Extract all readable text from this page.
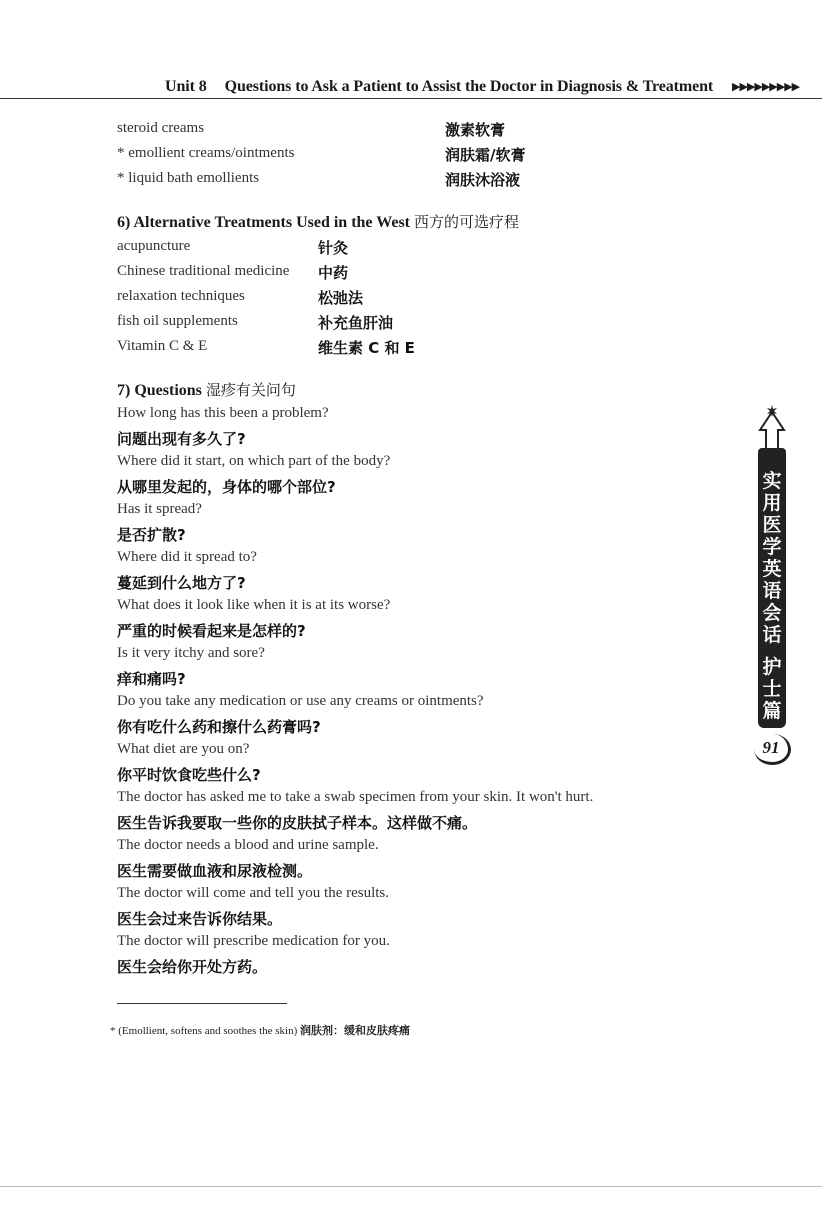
Unit 8 Questions to Ask a Patient to Assist the Doctor in Diagnosis & Treatment ▶▶▶▶▶▶▶▶▶
steroid creams	激素软膏
* emollient creams/ointments	润肤霜/软膏
* liquid bath emollients	润肤沐浴液
6) Alternative Treatments Used in the West 西方的可选疗程
acupuncture	针灸
Chinese traditional medicine 中药
relaxation techniques	松弛法
fish oil supplements	补充鱼肝油
Vitamin C & E	维生素 C 和 E
7) Questions 湿疹有关问句
How long has this been a problem?
问题出现有多久了?
Where did it start, on which part of the body?
从哪里发起的，身体的哪个部位?
Has it spread?
是否扩散?
Where did it spread to?
蔓延到什么地方了?
What does it look like when it is at its worse?
严重的时候看起来是怎样的?
Is it very itchy and sore?
痒和痛吗?
Do you take any medication or use any creams or ointments?
你有吃什么药和擦什么药膏吗?
What diet are you on?
你平时饮食吃些什么?
The doctor has asked me to take a swab specimen from your skin. It won't hurt.
医生告诉我要取一些你的皮肤拭子样本。这样做不痛。
The doctor needs a blood and urine sample.
医生需要做血液和尿液检测。
The doctor will come and tell you the results.
医生会过来告诉你结果。
The doctor will prescribe medication for you.
医生会给你开处方药。
* (Emollient, softens and soothes the skin) 润肤剂：缓和皮肤疼痛
实用医学英语会话
护士篇
91
